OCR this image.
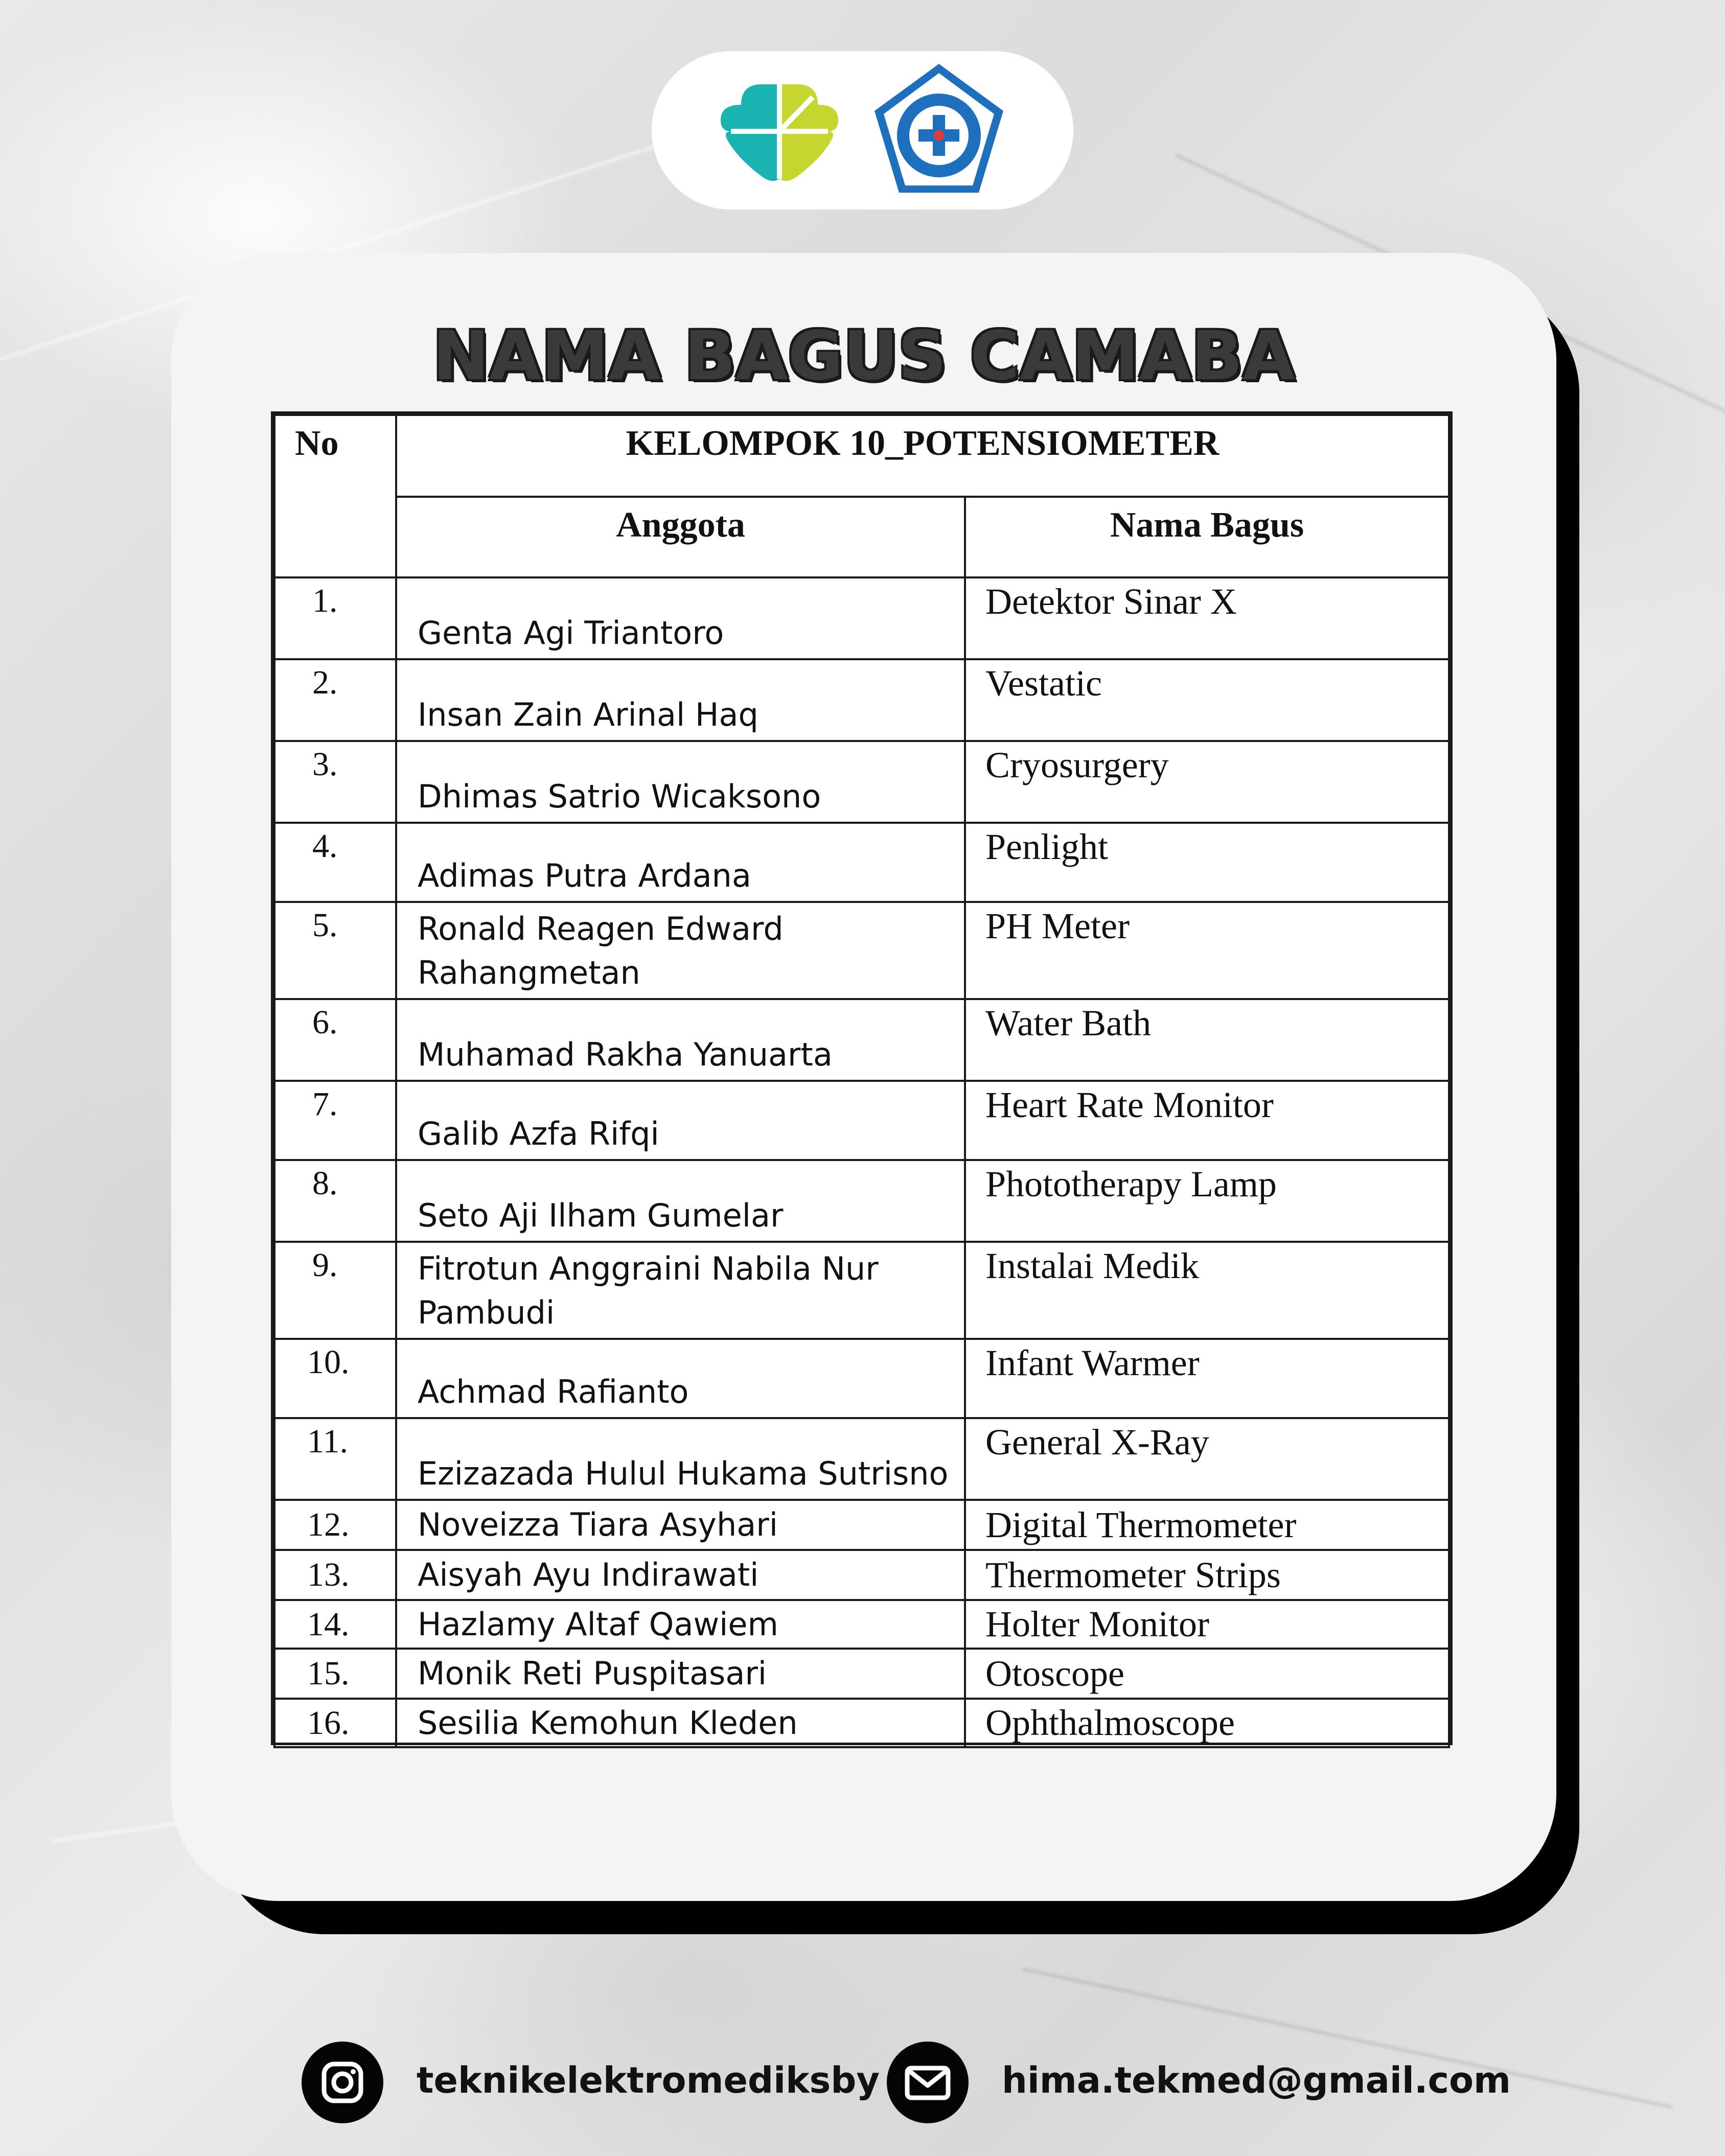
NAMA BAGUS CAMABA
No	KELOMPOK 10_POTENSIOMETER	
	Anggota	Nama Bagus
1.	Genta Agi Triantoro	Detektor Sinar X
2.	Insan Zain Arinal Haq	Vestatic
3.	Dhimas Satrio Wicaksono	Cryosurgery
4.	Adimas Putra Ardana	Penlight
5.	Ronald Reagen Edward Rahangmetan	PH Meter
6.	Muhamad Rakha Yanuarta	Water Bath
7.	Galib Azfa Rifqi	Heart Rate Monitor
8.	Seto Aji Ilham Gumelar	Phototherapy Lamp
9.	Fitrotun Anggraini Nabila Nur Pambudi	Instalai Medik
10.	Achmad Rafianto	Infant Warmer
11.	Ezizazada Hulul Hukama Sutrisno	General X-Ray
12.	Noveizza Tiara Asyhari	Digital Thermometer
13.	Aisyah Ayu Indirawati	Thermometer Strips
14.	Hazlamy Altaf Qawiem	Holter Monitor
15.	Monik Reti Puspitasari	Otoscope
16.	Sesilia Kemohun Kleden	Ophthalmoscope
teknikelektromediksby	hima.tekmed@gmail.com
